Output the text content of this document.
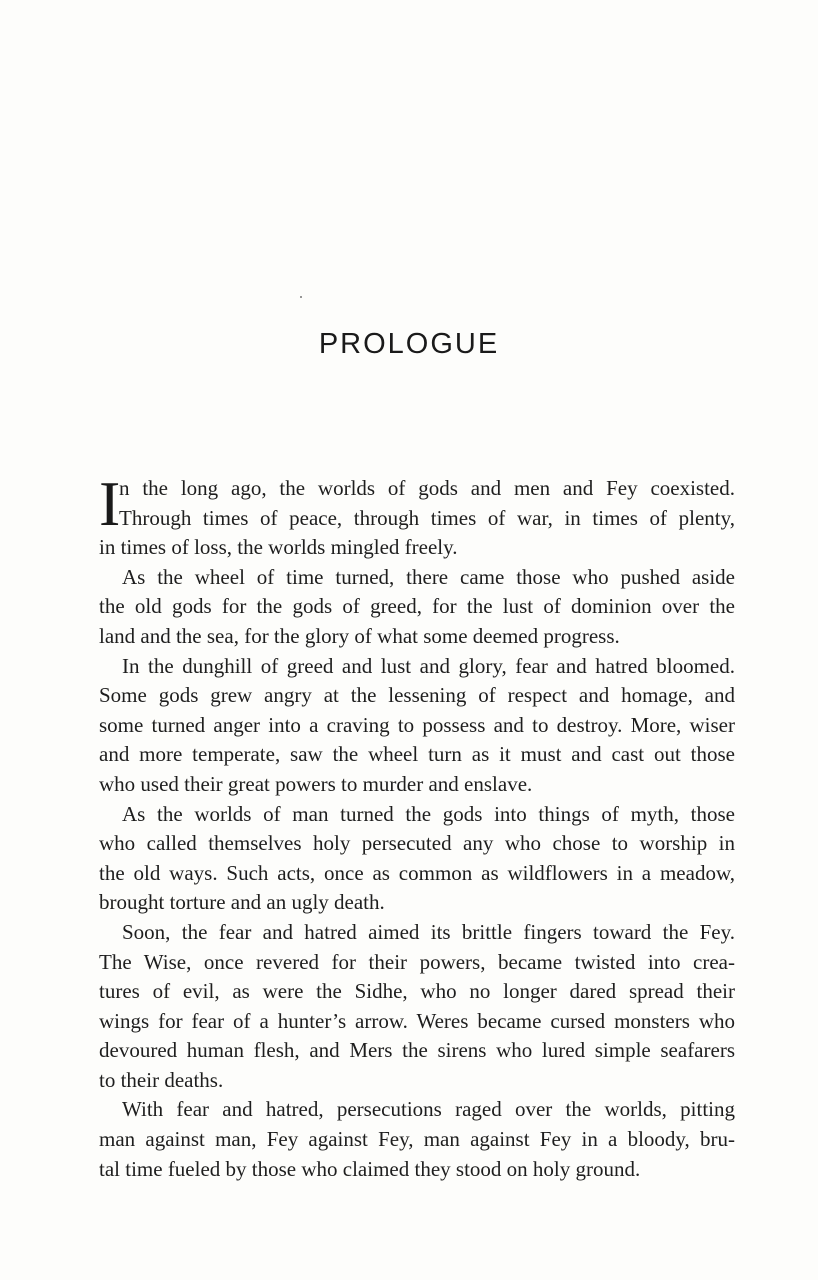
PROLOGUE
I
n the long ago, the worlds of gods and men and Fey coexisted.
Through times of peace, through times of war, in times of plenty,
in times of loss, the worlds mingled freely.
As the wheel of time turned, there came those who pushed aside
the old gods for the gods of greed, for the lust of dominion over the
land and the sea, for the glory of what some deemed progress.
In the dunghill of greed and lust and glory, fear and hatred bloomed.
Some gods grew angry at the lessening of respect and homage, and
some turned anger into a craving to possess and to destroy. More, wiser
and more temperate, saw the wheel turn as it must and cast out those
who used their great powers to murder and enslave.
As the worlds of man turned the gods into things of myth, those
who called themselves holy persecuted any who chose to worship in
the old ways. Such acts, once as common as wildflowers in a meadow,
brought torture and an ugly death.
Soon, the fear and hatred aimed its brittle fingers toward the Fey.
The Wise, once revered for their powers, became twisted into crea-
tures of evil, as were the Sidhe, who no longer dared spread their
wings for fear of a hunter’s arrow. Weres became cursed monsters who
devoured human flesh, and Mers the sirens who lured simple seafarers
to their deaths.
With fear and hatred, persecutions raged over the worlds, pitting
man against man, Fey against Fey, man against Fey in a bloody, bru-
tal time fueled by those who claimed they stood on holy ground.
